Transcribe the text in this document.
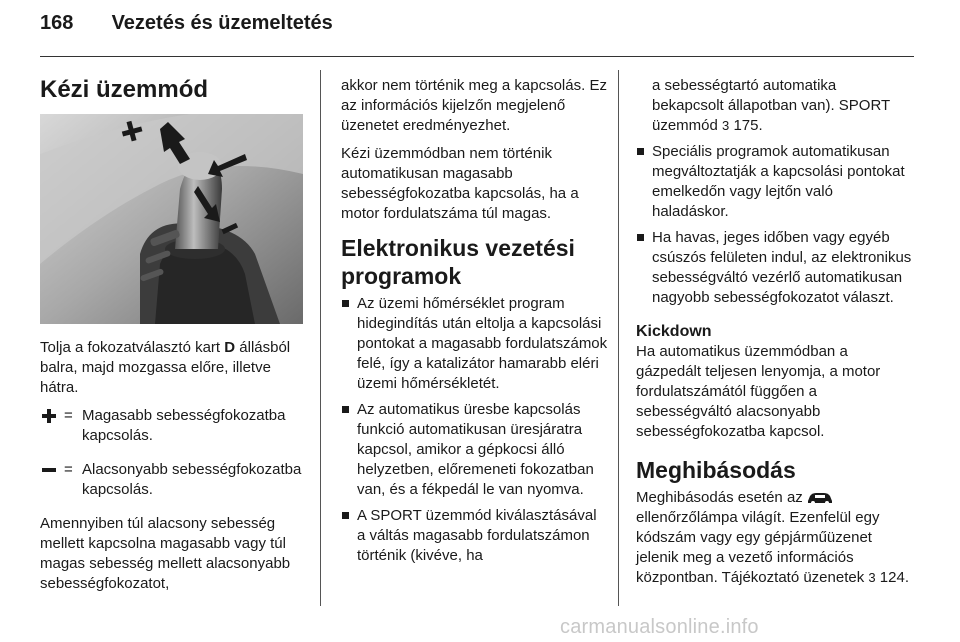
168 Vezetés és üzemeltetés
Kézi üzemmód

Tolja a fokozatválasztó kart D állásból balra, majd mozgassa előre, illetve hátra.

= Magasabb sebességfokozatba kapcsolás.
= Alacsonyabb sebességfokozatba kapcsolás.

Amennyiben túl alacsony sebesség mellett kapcsolna magasabb vagy túl magas sebesség mellett alacsonyabb sebességfokozatot,

akkor nem történik meg a kapcsolás. Ez az információs kijelzőn megjelenő üzenetet eredményezhet.

Kézi üzemmódban nem történik automatikusan magasabb sebességfokozatba kapcsolás, ha a motor fordulatszáma túl magas.

Elektronikus vezetési programok
Az üzemi hőmérséklet program hidegindítás után eltolja a kapcsolási pontokat a magasabb fordulatszámok felé, így a katalizátor hamarabb eléri üzemi hőmérsékletét.
Az automatikus üresbe kapcsolás funkció automatikusan üresjáratra kapcsol, amikor a gépkocsi álló helyzetben, előremeneti fokozatban van, és a fékpedál le van nyomva.
A SPORT üzemmód kiválasztásával a váltás magasabb fordulatszámon történik (kivéve, ha
a sebességtartó automatika bekapcsolt állapotban van). SPORT üzemmód 3 175.
Speciális programok automatikusan megváltoztatják a kapcsolási pontokat emelkedőn vagy lejtőn való haladáskor.
Ha havas, jeges időben vagy egyéb csúszós felületen indul, az elektronikus sebességváltó vezérlő automatikusan nagyobb sebességfokozatot választ.
Kickdown

Ha automatikus üzemmódban a gázpedált teljesen lenyomja, a motor fordulatszámától függően a sebességváltó alacsonyabb sebességfokozatba kapcsol.

Meghibásodás

Meghibásodás esetén az  ellenőrzőlámpa világít. Ezenfelül egy kódszám vagy egy gépjárműüzenet jelenik meg a vezető információs központban. Tájékoztató üzenetek 3 124.

carmanualsonline.info
